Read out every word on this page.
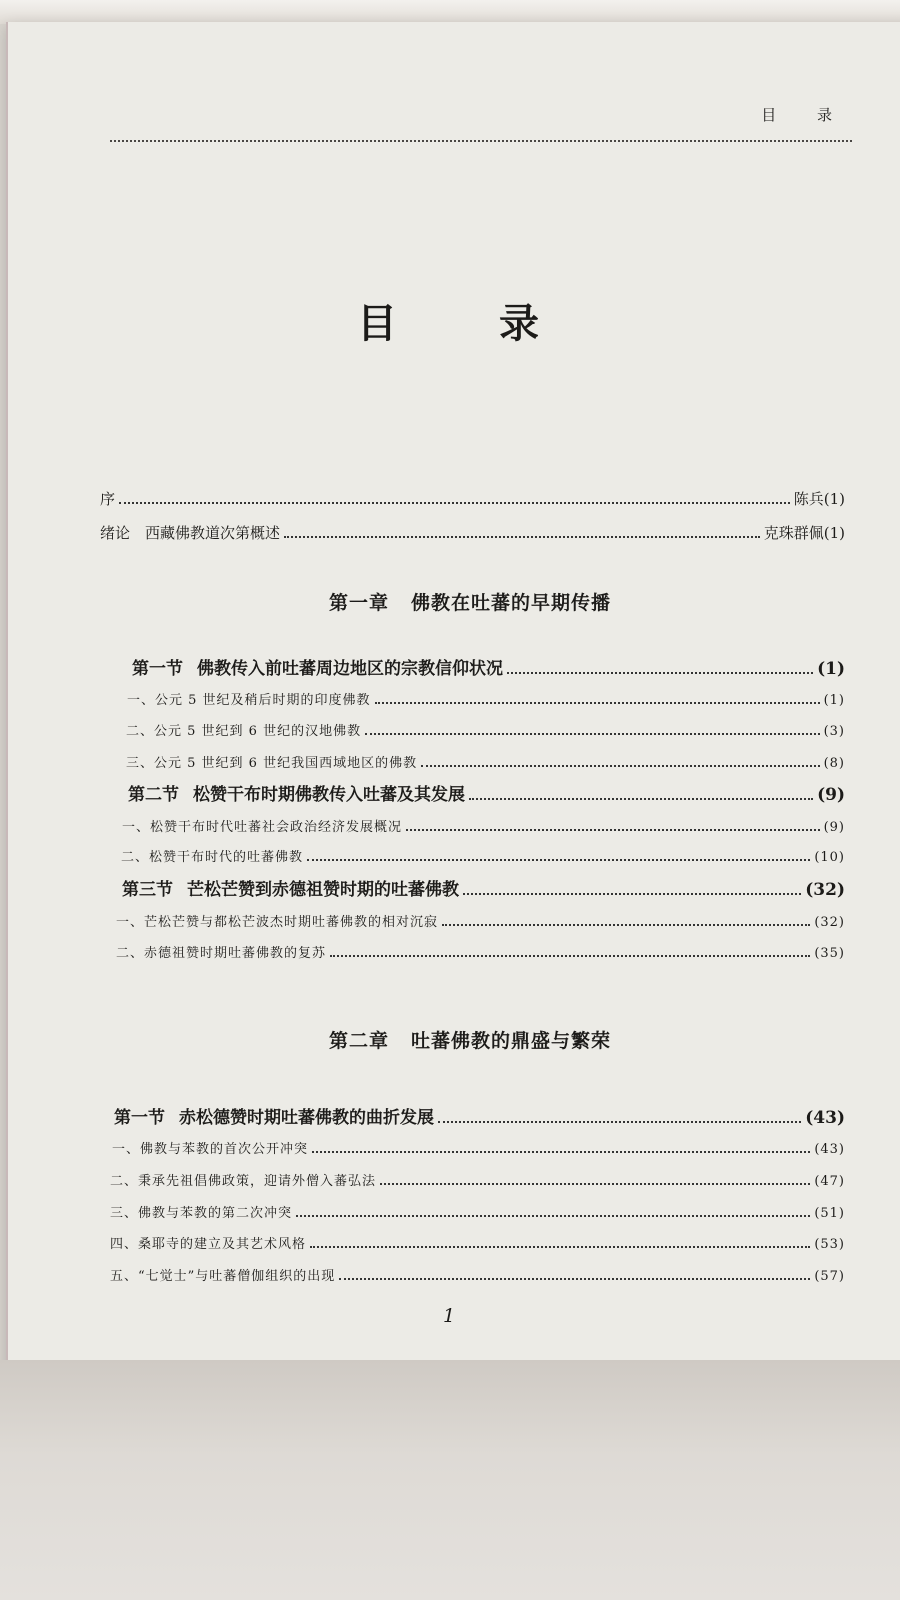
目 录
目 录
序	陈兵 (1)
绪论　西藏佛教道次第概述	克珠群佩 (1)
第一章 佛教在吐蕃的早期传播
第一节 佛教传入前吐蕃周边地区的宗教信仰状况	(1)
一、公元 5 世纪及稍后时期的印度佛教	(1)
二、公元 5 世纪到 6 世纪的汉地佛教	(3)
三、公元 5 世纪到 6 世纪我国西域地区的佛教	(8)
第二节 松赞干布时期佛教传入吐蕃及其发展	(9)
一、松赞干布时代吐蕃社会政治经济发展概况	(9)
二、松赞干布时代的吐蕃佛教	(10)
第三节 芒松芒赞到赤德祖赞时期的吐蕃佛教	(32)
一、芒松芒赞与都松芒波杰时期吐蕃佛教的相对沉寂	(32)
二、赤德祖赞时期吐蕃佛教的复苏	(35)
第二章 吐蕃佛教的鼎盛与繁荣
第一节 赤松德赞时期吐蕃佛教的曲折发展	(43)
一、佛教与苯教的首次公开冲突	(43)
二、秉承先祖倡佛政策，迎请外僧入蕃弘法	(47)
三、佛教与苯教的第二次冲突	(51)
四、桑耶寺的建立及其艺术风格	(53)
五、“七觉士”与吐蕃僧伽组织的出现	(57)
1
